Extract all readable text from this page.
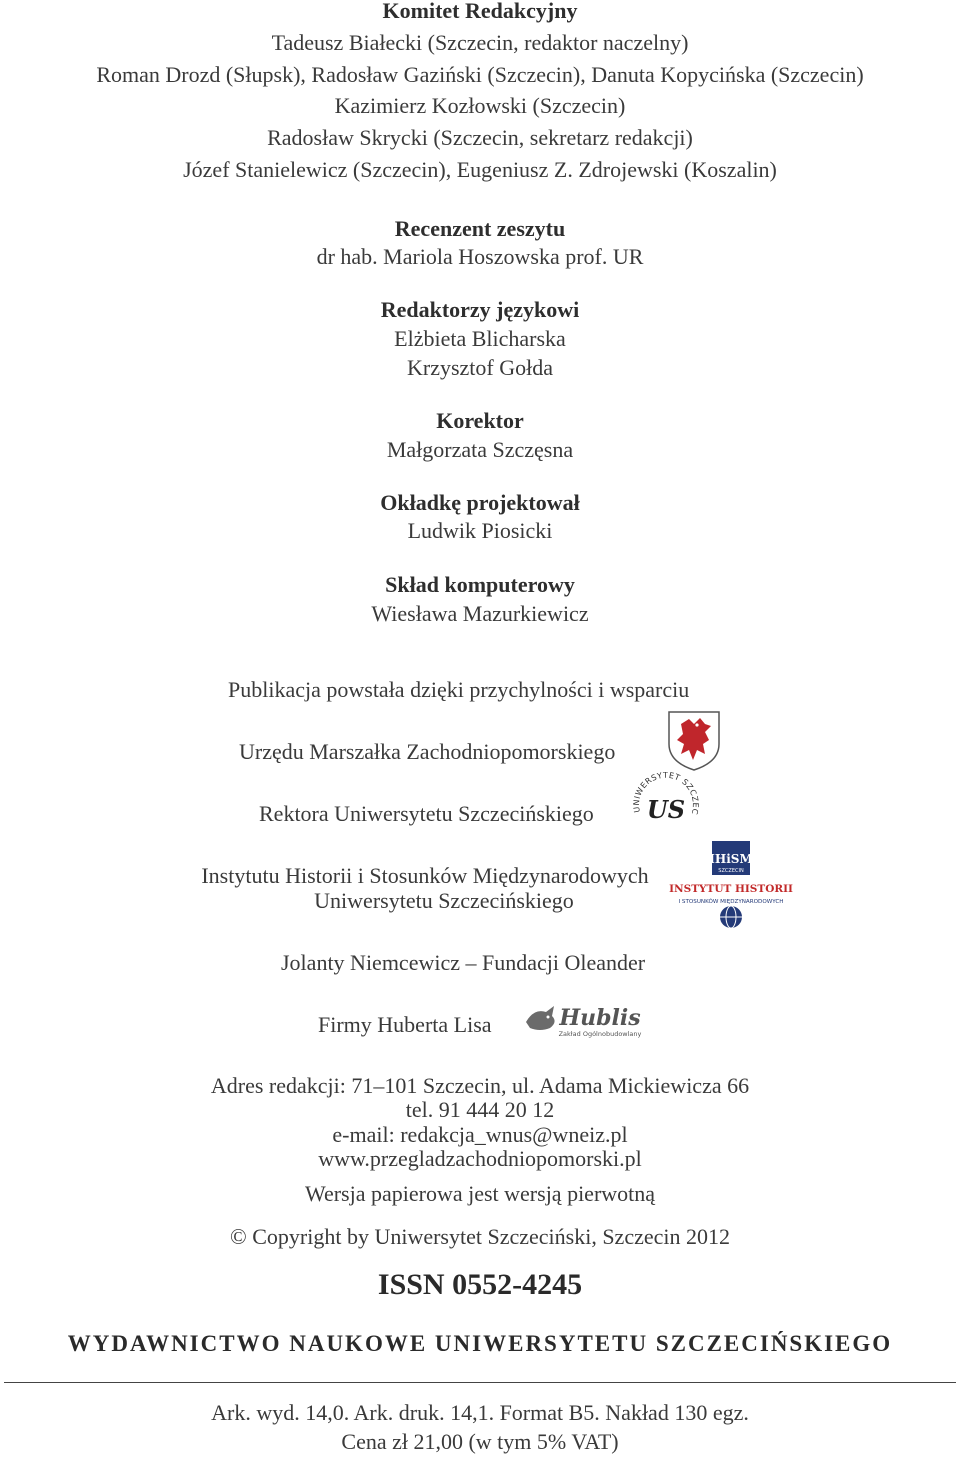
Komitet Redakcyjny
Tadeusz Białecki (Szczecin, redaktor naczelny)
Roman Drozd (Słupsk), Radosław Gaziński (Szczecin), Danuta Kopycińska (Szczecin)
Kazimierz Kozłowski (Szczecin)
Radosław Skrycki (Szczecin, sekretarz redakcji)
Józef Stanielewicz (Szczecin), Eugeniusz Z. Zdrojewski (Koszalin)
Recenzent zeszytu
dr hab. Mariola Hoszowska prof. UR
Redaktorzy językowi
Elżbieta Blicharska
Krzysztof Gołda
Korektor
Małgorzata Szczęsna
Okładkę projektował
Ludwik Piosicki
Skład komputerowy
Wiesława Mazurkiewicz
Publikacja powstała dzięki przychylności i wsparciu
Urzędu Marszałka Zachodniopomorskiego
Rektora Uniwersytetu Szczecińskiego	UNIWERSYTET SZCZEC
US
Instytutu Historii i Stosunków Międzynarodowych
Uniwersytetu Szczecińskiego
IHiSM
SZCZECIN
INSTYTUT HISTORII
I STOSUNKÓW MIĘDZYNARODOWYCH
Jolanty Niemcewicz – Fundacji Oleander
Firmy Huberta Lisa	Hublis
Zakład Ogólnobudowlany
Adres redakcji: 71–101 Szczecin, ul. Adama Mickiewicza 66
tel. 91 444 20 12
e-mail: redakcja_wnus@wneiz.pl
www.przegladzachodniopomorski.pl
Wersja papierowa jest wersją pierwotną
© Copyright by Uniwersytet Szczeciński, Szczecin 2012
ISSN 0552-4245
WYDAWNICTWO NAUKOWE UNIWERSYTETU SZCZECIŃSKIEGO
Ark. wyd. 14,0. Ark. druk. 14,1. Format B5. Nakład 130 egz.
Cena zł 21,00 (w tym 5% VAT)
